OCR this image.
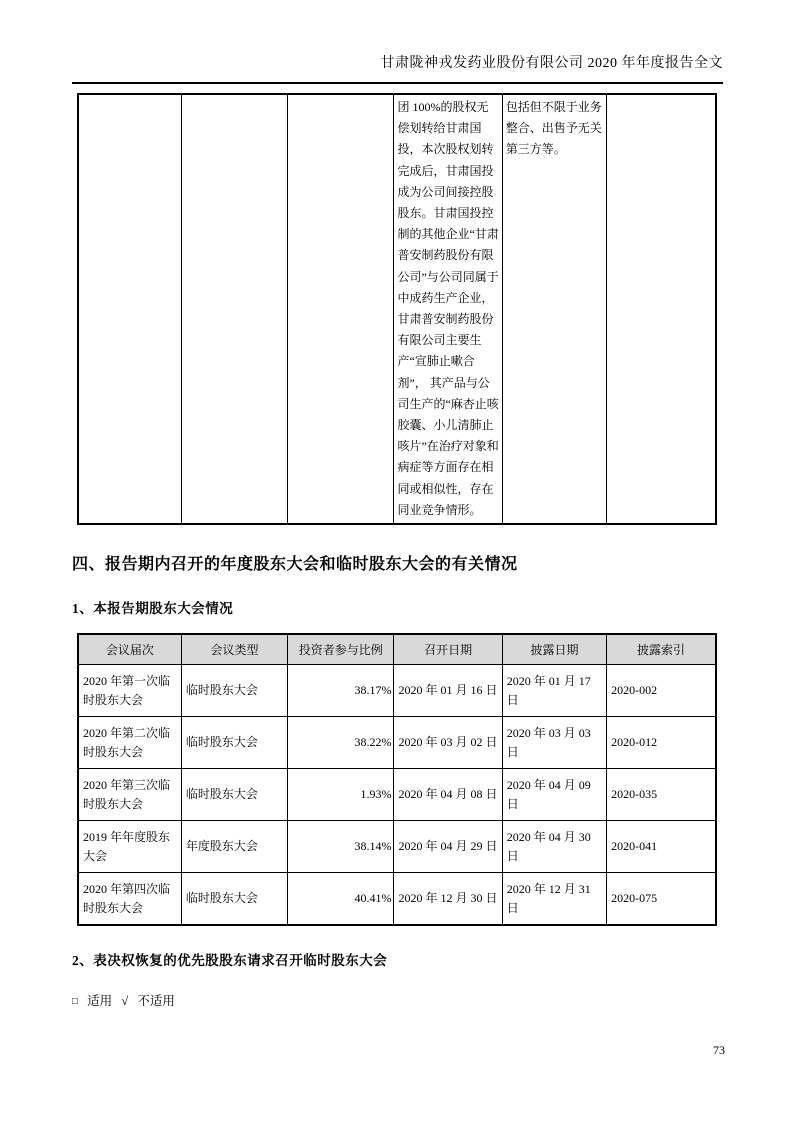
甘肃陇神戎发药业股份有限公司 2020 年年度报告全文
			团 100%的股权无偿划转给甘肃国投，本次股权划转完成后，甘肃国投成为公司间接控股股东。甘肃国投控制的其他企业“甘肃普安制药股份有限公司”与公司同属于中成药生产企业，甘肃普安制药股份有限公司主要生产“宣肺止嗽合剂”， 其产品与公司生产的“麻杏止咳胶囊、小儿清肺止咳片”在治疗对象和病症等方面存在相同或相似性，存在同业竞争情形。	包括但不限于业务整合、出售予无关第三方等。	
四、报告期内召开的年度股东大会和临时股东大会的有关情况
1、本报告期股东大会情况
会议届次	会议类型	投资者参与比例	召开日期	披露日期	披露索引
2020 年第一次临时股东大会	临时股东大会	38.17%	2020 年 01 月 16 日	2020 年 01 月 17 日	2020-002
2020 年第二次临时股东大会	临时股东大会	38.22%	2020 年 03 月 02 日	2020 年 03 月 03 日	2020-012
2020 年第三次临时股东大会	临时股东大会	1.93%	2020 年 04 月 08 日	2020 年 04 月 09 日	2020-035
2019 年年度股东大会	年度股东大会	38.14%	2020 年 04 月 29 日	2020 年 04 月 30 日	2020-041
2020 年第四次临时股东大会	临时股东大会	40.41%	2020 年 12 月 30 日	2020 年 12 月 31 日	2020-075
2、表决权恢复的优先股股东请求召开临时股东大会

□ 适用 √ 不适用

73
